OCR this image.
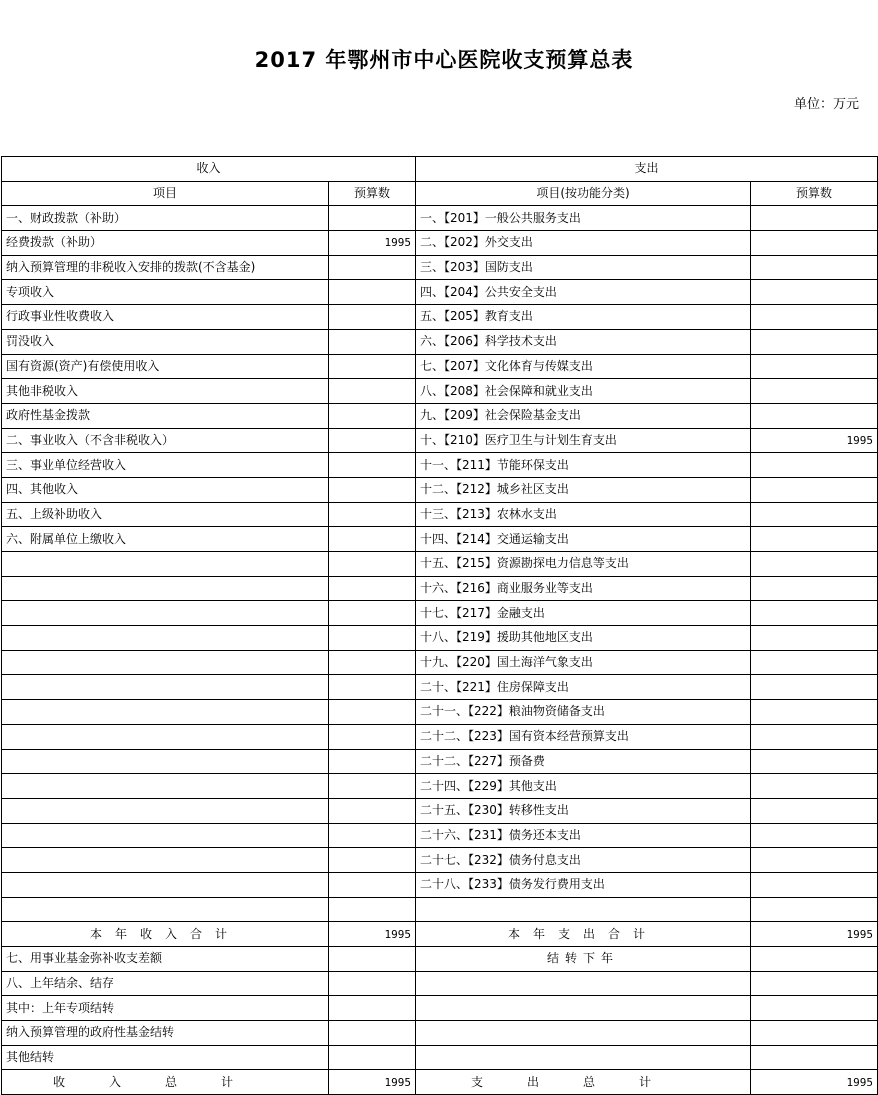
2017 年鄂州市中心医院收支预算总表
单位：万元
收入		支出	
项目	预算数	项目(按功能分类)	预算数
一、财政拨款（补助）		一、【201】一般公共服务支出	
经费拨款（补助）	1995	二、【202】外交支出	
纳入预算管理的非税收入安排的拨款(不含基金)		三、【203】国防支出	
专项收入		四、【204】公共安全支出	
行政事业性收费收入		五、【205】教育支出	
罚没收入		六、【206】科学技术支出	
国有资源(资产)有偿使用收入		七、【207】文化体育与传媒支出	
其他非税收入		八、【208】社会保障和就业支出	
政府性基金拨款		九、【209】社会保险基金支出	
二、事业收入（不含非税收入）		十、【210】医疗卫生与计划生育支出	1995
三、事业单位经营收入		十一、【211】节能环保支出	
四、其他收入		十二、【212】城乡社区支出	
五、上级补助收入		十三、【213】农林水支出	
六、附属单位上缴收入		十四、【214】交通运输支出	
		十五、【215】资源勘探电力信息等支出	
		十六、【216】商业服务业等支出	
		十七、【217】金融支出	
		十八、【219】援助其他地区支出	
		十九、【220】国土海洋气象支出	
		二十、【221】住房保障支出	
		二十一、【222】粮油物资储备支出	
		二十二、【223】国有资本经营预算支出	
		二十二、【227】预备费	
		二十四、【229】其他支出	
		二十五、【230】转移性支出	
		二十六、【231】债务还本支出	
		二十七、【232】债务付息支出	
		二十八、【233】债务发行费用支出	

本年收入合计	1995	本年支出合计	1995
七、用事业基金弥补收支差额		结转下年	
八、上年结余、结存			
其中：上年专项结转			
纳入预算管理的政府性基金结转			
其他结转			
收入总计	1995	支出总计	1995
